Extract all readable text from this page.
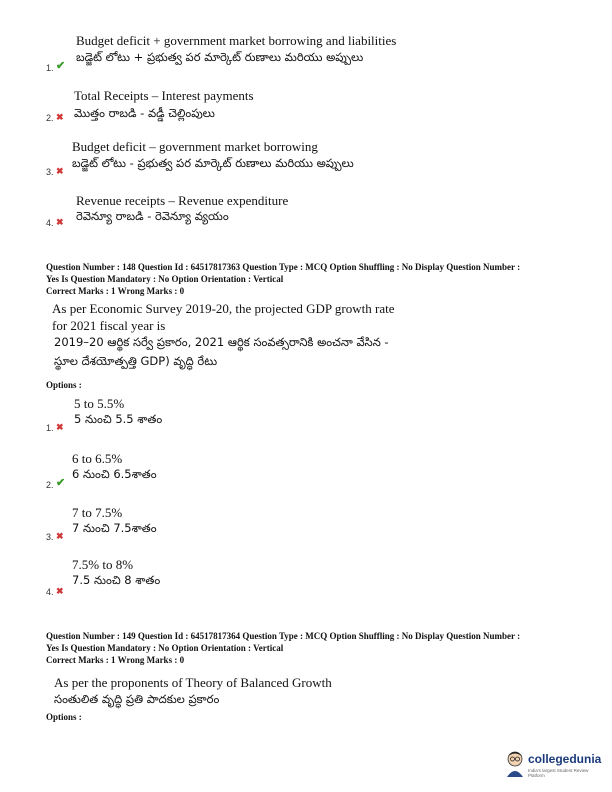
Budget deficit + government market borrowing and liabilities
బడ్జెట్ లోటు + ప్రభుత్వ పర మార్కెట్ రుణాలు మరియు అప్పులు
1. ✔
Total Receipts – Interest payments
మొత్తం రాబడి - వడ్డీ చెల్లింపులు
2. ✖
Budget deficit – government market borrowing
బడ్జెట్ లోటు - ప్రభుత్వ పర మార్కెట్ రుణాలు మరియు అప్పులు
3. ✖
Revenue receipts – Revenue expenditure
రెవెన్యూ రాబడి - రెవెన్యూ వ్యయం
4. ✖
Question Number : 148 Question Id : 64517817363 Question Type : MCQ Option Shuffling : No Display Question Number :
Yes Is Question Mandatory : No Option Orientation : Vertical
Correct Marks : 1 Wrong Marks : 0
As per Economic Survey 2019-20, the projected GDP growth rate
for 2021 fiscal year is
2019–20 ఆర్థిక సర్వే ప్రకారం, 2021 ఆర్థిక సంవత్సరానికి అంచనా వేసిన -
స్థూల దేశయోత్పత్తి GDP) వృద్ధి రేటు
Options :
5 to 5.5%
5 నుంచి 5.5 శాతం
1. ✖
6 to 6.5%
6 నుంచి 6.5శాతం
2. ✔
7 to 7.5%
7 నుంచి 7.5శాతం
3. ✖
7.5% to 8%
7.5 నుంచి 8 శాతం
4. ✖
Question Number : 149 Question Id : 64517817364 Question Type : MCQ Option Shuffling : No Display Question Number :
Yes Is Question Mandatory : No Option Orientation : Vertical
Correct Marks : 1 Wrong Marks : 0
As per the proponents of Theory of Balanced Growth
సంతులిత వృద్ధి ప్రతి పాదకుల ప్రకారం
Options :
collegedunia
India's largest Student Review Platform
